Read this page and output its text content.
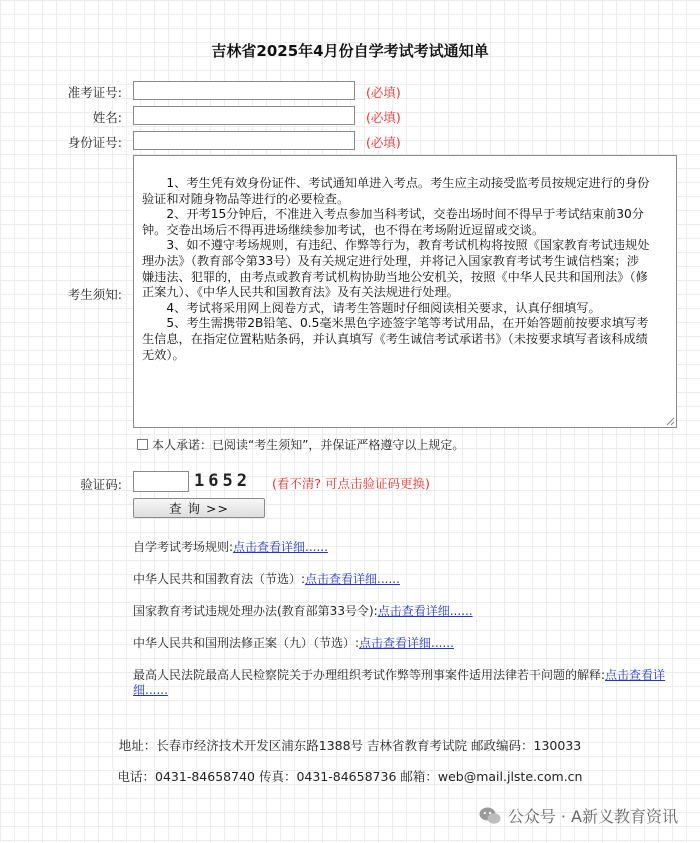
吉林省2025年4月份自学考试考试通知单
准考证号:	(必填)
姓名:	(必填)
身份证号:	(必填)
考生须知:

1、考生凭有效身份证件、考试通知单进入考点。考生应主动接受监考员按规定进行的身份验证和对随身物品等进行的必要检查。

2、开考15分钟后，不准进入考点参加当科考试，交卷出场时间不得早于考试结束前30分钟。交卷出场后不得再进场继续参加考试，也不得在考场附近逗留或交谈。

3、如不遵守考场规则，有违纪、作弊等行为，教育考试机构将按照《国家教育考试违规处理办法》（教育部令第33号）及有关规定进行处理，并将记入国家教育考试考生诚信档案；涉嫌违法、犯罪的，由考点或教育考试机构协助当地公安机关，按照《中华人民共和国刑法》（修正案九）、《中华人民共和国教育法》及有关法规进行处理。

4、考试将采用网上阅卷方式，请考生答题时仔细阅读相关要求，认真仔细填写。

5、考生需携带2B铅笔、0.5毫米黑色字迹签字笔等考试用品，在开始答题前按要求填写考生信息，在指定位置粘贴条码，并认真填写《考生诚信考试承诺书》（未按要求填写者该科成绩无效）。

本人承诺：已阅读“考生须知”，并保证严格遵守以上规定。
验证码:	1652	(看不清? 可点击验证码更换)
查 询 >>
自学考试考场规则:点击查看详细......
中华人民共和国教育法（节选）:点击查看详细......
国家教育考试违规处理办法(教育部第33号令):点击查看详细......
中华人民共和国刑法修正案（九）（节选）:点击查看详细......
最高人民法院最高人民检察院关于办理组织考试作弊等刑事案件适用法律若干问题的解释:点击查看详细......
地址：长春市经济技术开发区浦东路1388号 吉林省教育考试院 邮政编码：130033
电话：0431-84658740 传真：0431-84658736 邮箱：web@mail.jlste.com.cn
公众号 · A新义教育资讯
